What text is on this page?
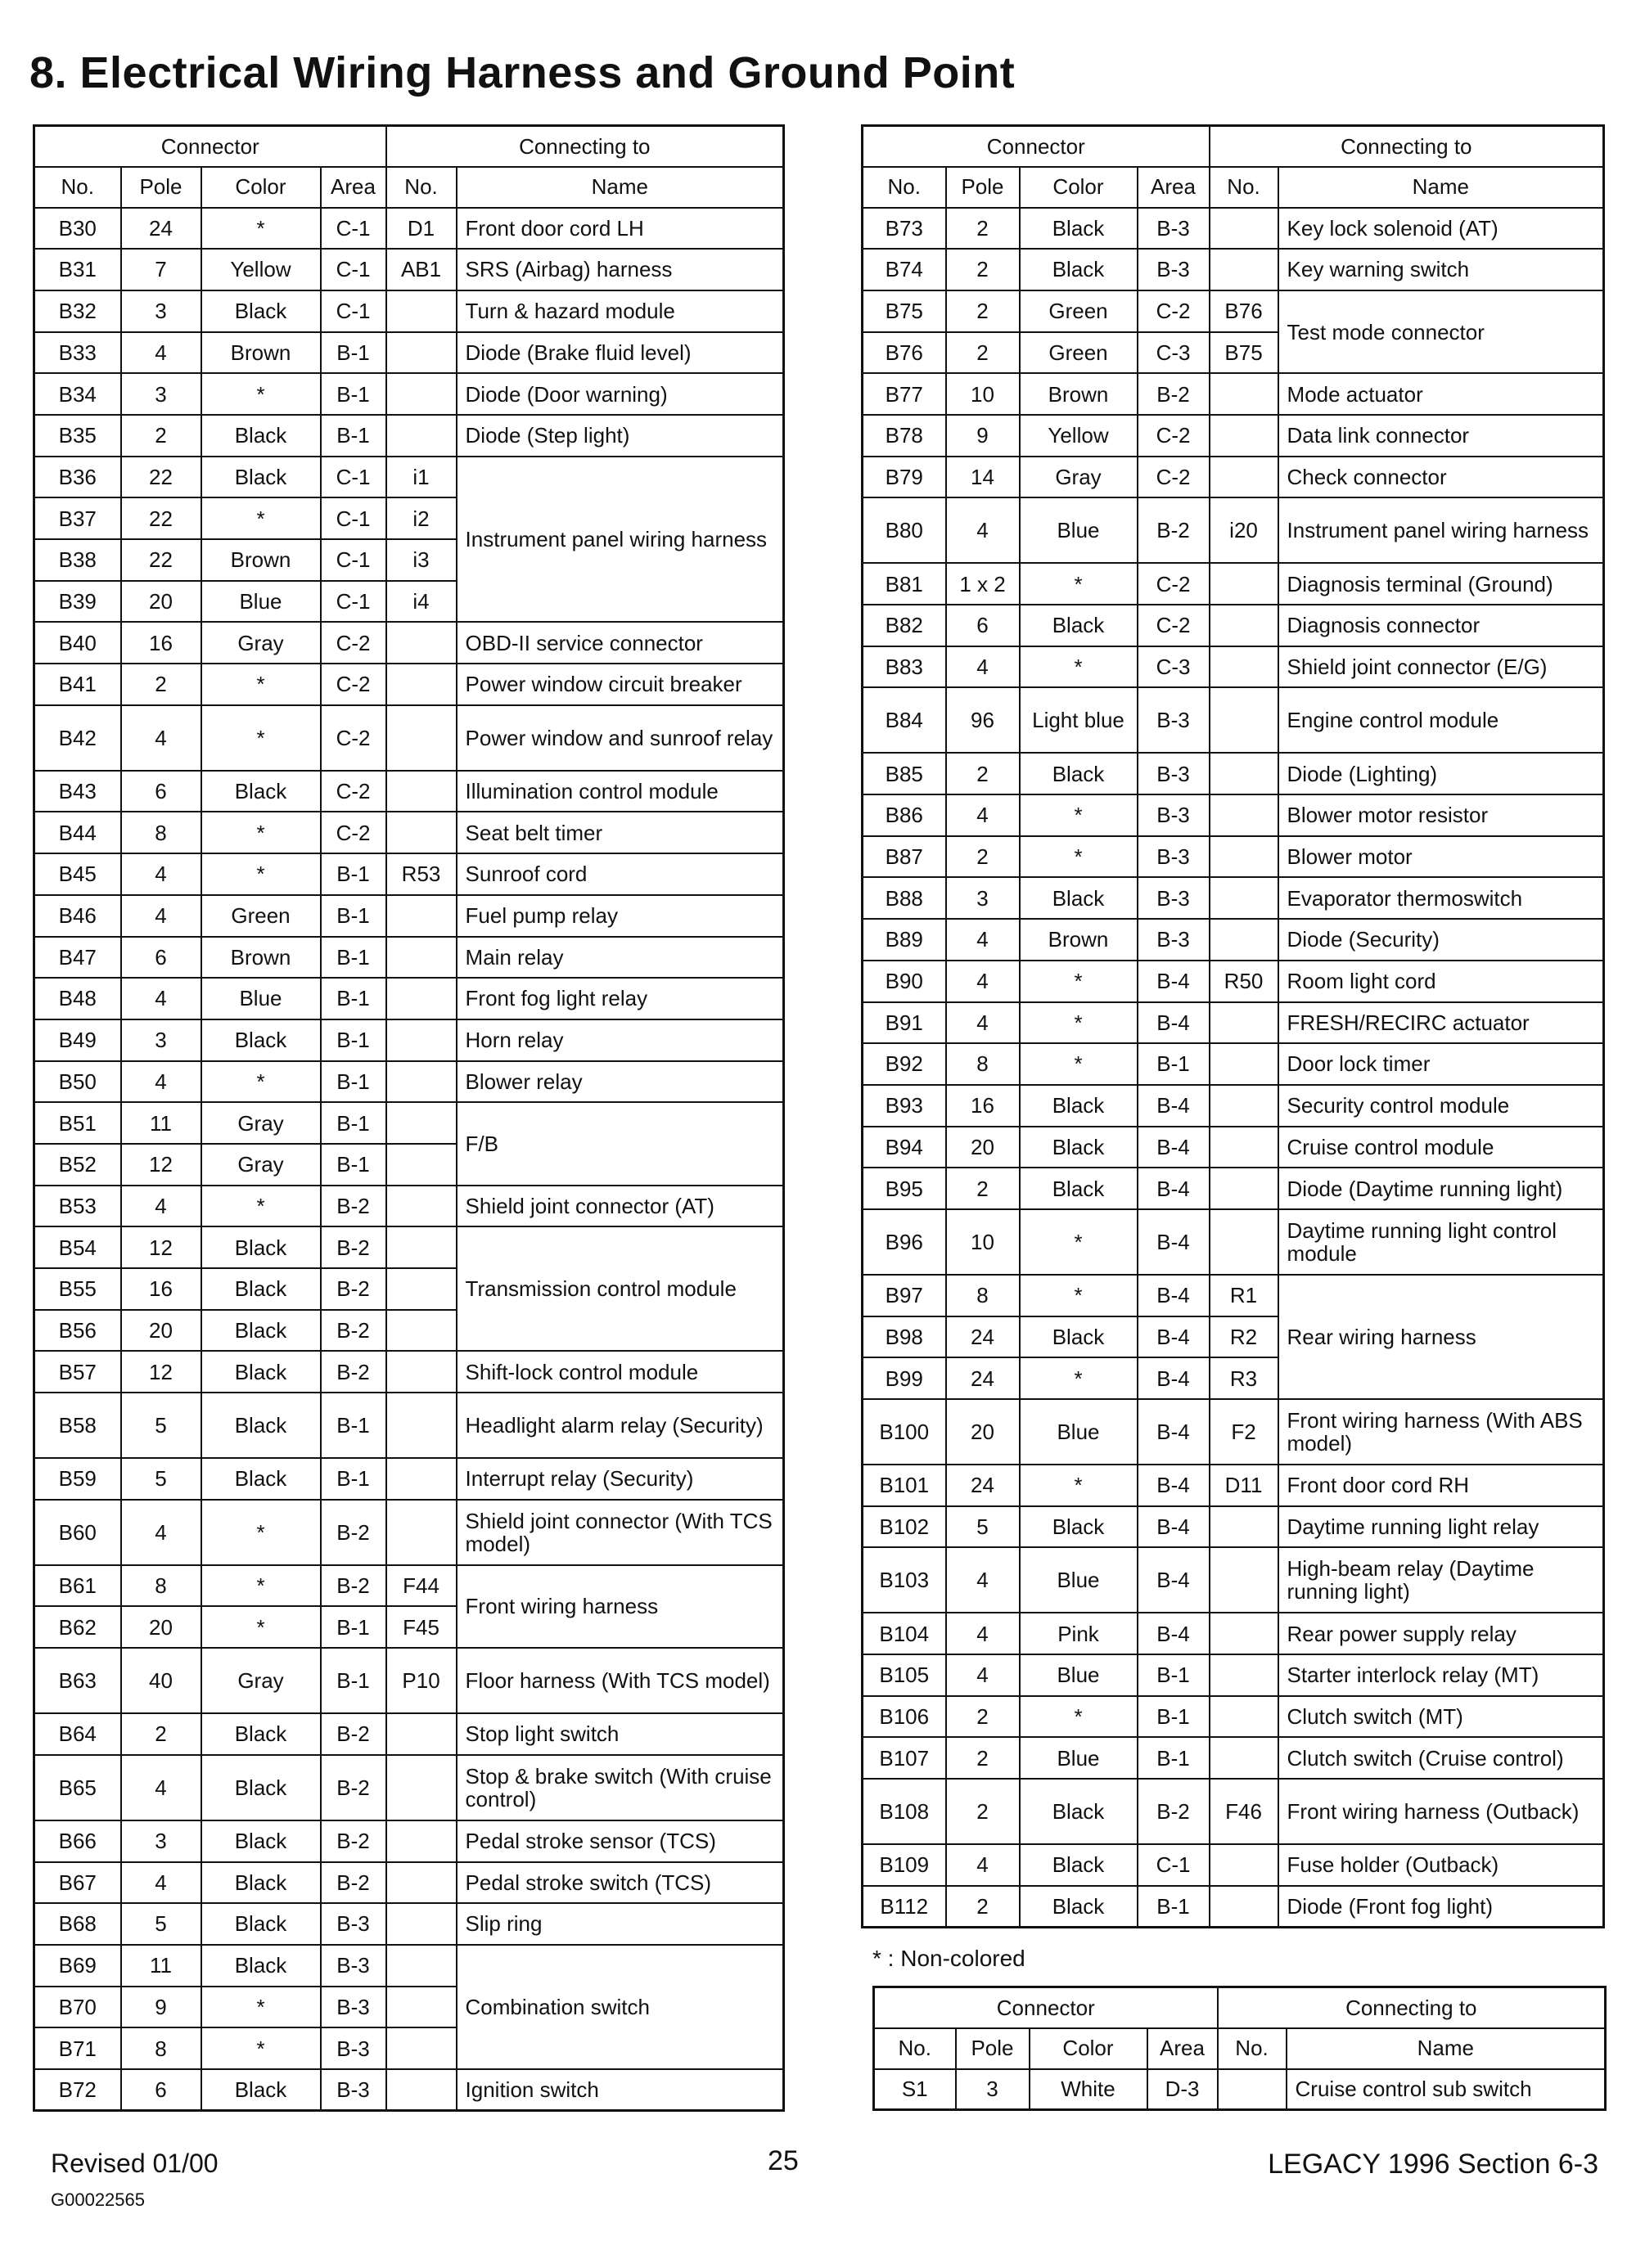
8. Electrical Wiring Harness and Ground Point
Connector				Connecting to	
No.	Pole	Color	Area	No.	Name
B30	24	*	C-1	D1	Front door cord LH
B31	7	Yellow	C-1	AB1	SRS (Airbag) harness
B32	3	Black	C-1		Turn & hazard module
B33	4	Brown	B-1		Diode (Brake fluid level)
B34	3	*	B-1		Diode (Door warning)
B35	2	Black	B-1		Diode (Step light)
B36	22	Black	C-1	i1	Instrument panel wiring harness
B37	22	*	C-1	i2	
B38	22	Brown	C-1	i3	
B39	20	Blue	C-1	i4	
B40	16	Gray	C-2		OBD-II service connector
B41	2	*	C-2		Power window circuit breaker
B42	4	*	C-2		Power window and sunroof relay
B43	6	Black	C-2		Illumination control module
B44	8	*	C-2		Seat belt timer
B45	4	*	B-1	R53	Sunroof cord
B46	4	Green	B-1		Fuel pump relay
B47	6	Brown	B-1		Main relay
B48	4	Blue	B-1		Front fog light relay
B49	3	Black	B-1		Horn relay
B50	4	*	B-1		Blower relay
B51	11	Gray	B-1		F/B
B52	12	Gray	B-1		
B53	4	*	B-2		Shield joint connector (AT)
B54	12	Black	B-2		Transmission control module
B55	16	Black	B-2		
B56	20	Black	B-2		
B57	12	Black	B-2		Shift-lock control module
B58	5	Black	B-1		Headlight alarm relay (Security)
B59	5	Black	B-1		Interrupt relay (Security)
B60	4	*	B-2		Shield joint connector (With TCS model)
B61	8	*	B-2	F44	Front wiring harness
B62	20	*	B-1	F45	
B63	40	Gray	B-1	P10	Floor harness (With TCS model)
B64	2	Black	B-2		Stop light switch
B65	4	Black	B-2		Stop & brake switch (With cruise control)
B66	3	Black	B-2		Pedal stroke sensor (TCS)
B67	4	Black	B-2		Pedal stroke switch (TCS)
B68	5	Black	B-3		Slip ring
B69	11	Black	B-3		Combination switch
B70	9	*	B-3		
B71	8	*	B-3		
B72	6	Black	B-3		Ignition switch
Connector				Connecting to	
No.	Pole	Color	Area	No.	Name
B73	2	Black	B-3		Key lock solenoid (AT)
B74	2	Black	B-3		Key warning switch
B75	2	Green	C-2	B76	Test mode connector
B76	2	Green	C-3	B75	
B77	10	Brown	B-2		Mode actuator
B78	9	Yellow	C-2		Data link connector
B79	14	Gray	C-2		Check connector
B80	4	Blue	B-2	i20	Instrument panel wiring harness
B81	1 x 2	*	C-2		Diagnosis terminal (Ground)
B82	6	Black	C-2		Diagnosis connector
B83	4	*	C-3		Shield joint connector (E/G)
B84	96	Light blue	B-3		Engine control module
B85	2	Black	B-3		Diode (Lighting)
B86	4	*	B-3		Blower motor resistor
B87	2	*	B-3		Blower motor
B88	3	Black	B-3		Evaporator thermoswitch
B89	4	Brown	B-3		Diode (Security)
B90	4	*	B-4	R50	Room light cord
B91	4	*	B-4		FRESH/RECIRC actuator
B92	8	*	B-1		Door lock timer
B93	16	Black	B-4		Security control module
B94	20	Black	B-4		Cruise control module
B95	2	Black	B-4		Diode (Daytime running light)
B96	10	*	B-4		Daytime running light control module
B97	8	*	B-4	R1	Rear wiring harness
B98	24	Black	B-4	R2	
B99	24	*	B-4	R3	
B100	20	Blue	B-4	F2	Front wiring harness (With ABS model)
B101	24	*	B-4	D11	Front door cord RH
B102	5	Black	B-4		Daytime running light relay
B103	4	Blue	B-4		High-beam relay (Daytime running light)
B104	4	Pink	B-4		Rear power supply relay
B105	4	Blue	B-1		Starter interlock relay (MT)
B106	2	*	B-1		Clutch switch (MT)
B107	2	Blue	B-1		Clutch switch (Cruise control)
B108	2	Black	B-2	F46	Front wiring harness (Outback)
B109	4	Black	C-1		Fuse holder (Outback)
B112	2	Black	B-1		Diode (Front fog light)
* : Non-colored
Connector				Connecting to	
No.	Pole	Color	Area	No.	Name
S1	3	White	D-3		Cruise control sub switch
Revised 01/00
G00022565
25	LEGACY 1996 Section 6-3
